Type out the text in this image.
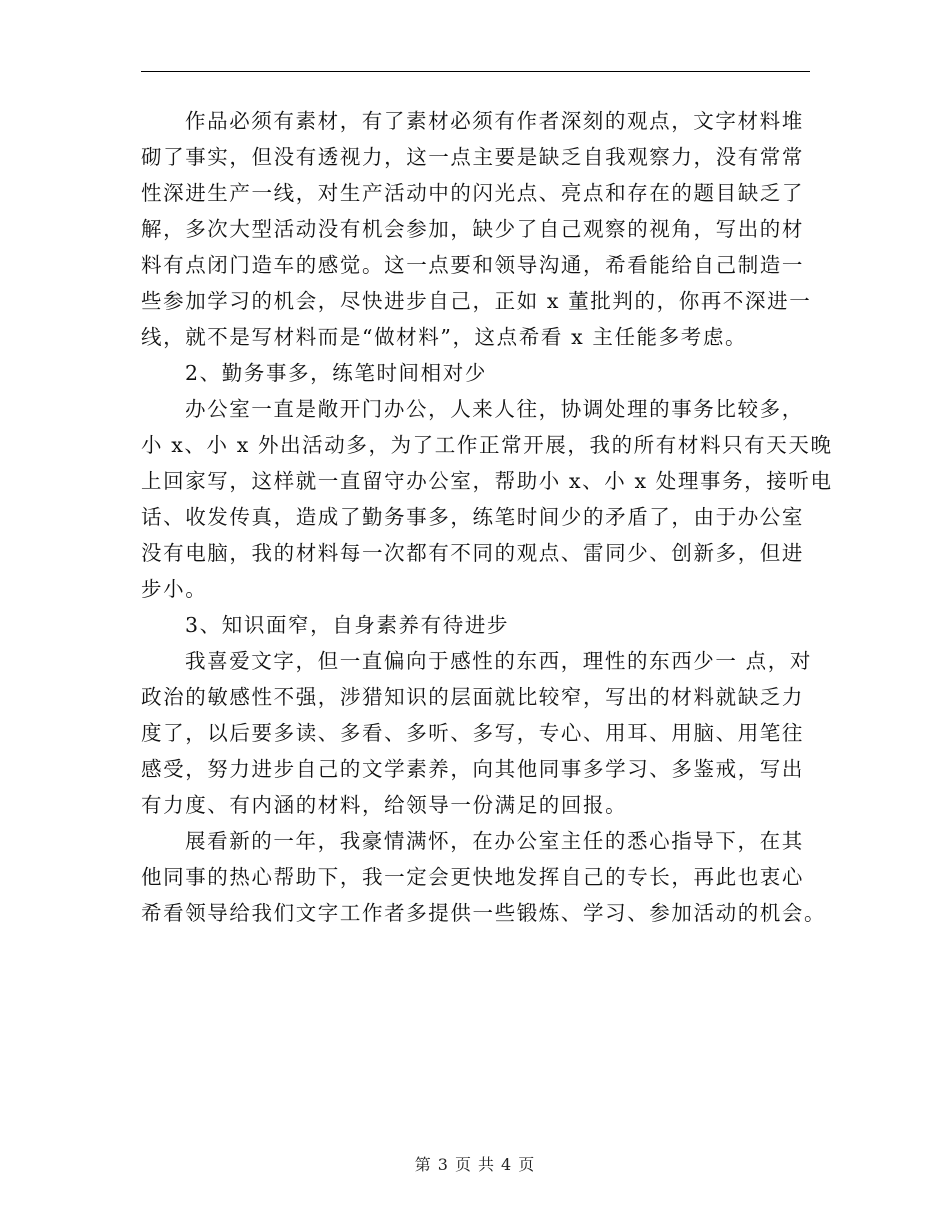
作品必须有素材，有了素材必须有作者深刻的观点，文字材料堆
砌了事实，但没有透视力，这一点主要是缺乏自我观察力，没有常常
性深进生产一线，对生产活动中的闪光点、亮点和存在的题目缺乏了
解，多次大型活动没有机会参加，缺少了自己观察的视角，写出的材
料有点闭门造车的感觉。这一点要和领导沟通，希看能给自己制造一
些参加学习的机会，尽快进步自己，正如 x 董批判的，你再不深进一
线，就不是写材料而是“做材料”，这点希看 x 主任能多考虑。
2、勤务事多，练笔时间相对少
办公室一直是敞开门办公，人来人往，协调处理的事务比较多，
小 x、小 x 外出活动多，为了工作正常开展，我的所有材料只有天天晚
上回家写，这样就一直留守办公室，帮助小 x、小 x 处理事务，接听电
话、收发传真，造成了勤务事多，练笔时间少的矛盾了，由于办公室
没有电脑，我的材料每一次都有不同的观点、雷同少、创新多，但进
步小。
3、知识面窄，自身素养有待进步
我喜爱文字，但一直偏向于感性的东西，理性的东西少一 点，对
政治的敏感性不强，涉猎知识的层面就比较窄，写出的材料就缺乏力
度了，以后要多读、多看、多听、多写，专心、用耳、用脑、用笔往
感受，努力进步自己的文学素养，向其他同事多学习、多鉴戒，写出
有力度、有内涵的材料，给领导一份满足的回报。
展看新的一年，我豪情满怀，在办公室主任的悉心指导下，在其
他同事的热心帮助下，我一定会更快地发挥自己的专长，再此也衷心
希看领导给我们文字工作者多提供一些锻炼、学习、参加活动的机会。
第 3 页 共 4 页
